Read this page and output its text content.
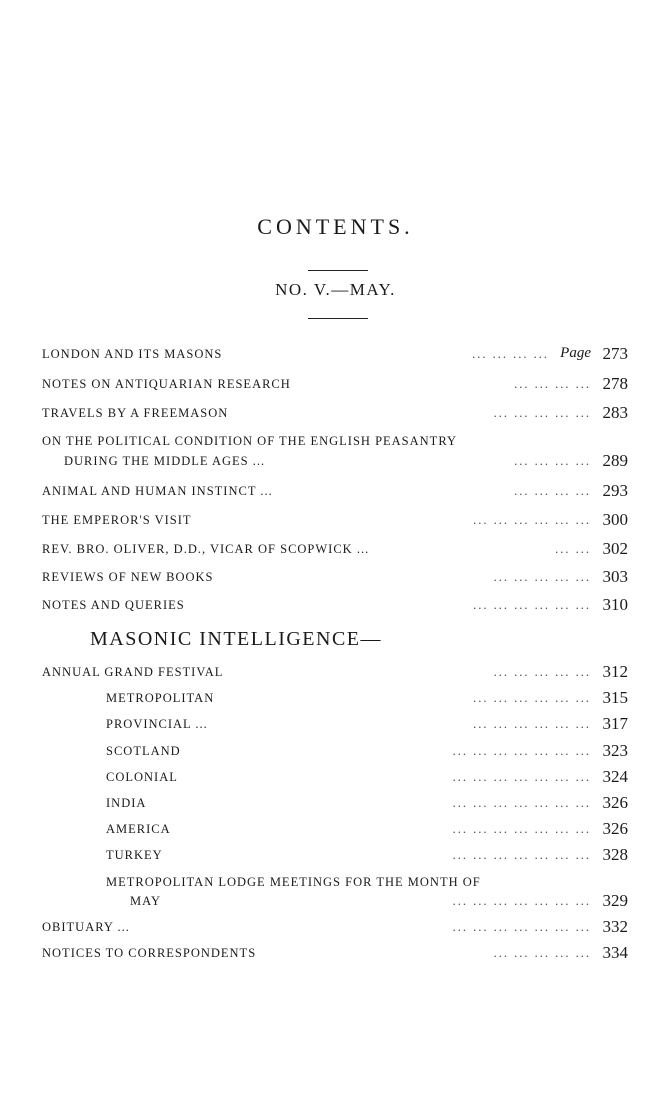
CONTENTS.
NO. V.—MAY.
LONDON AND ITS MASONS	... ... ... ... Page 273
NOTES ON ANTIQUARIAN RESEARCH	... ... ... ... 278
TRAVELS BY A FREEMASON	... ... ... ... ... 283
ON THE POLITICAL CONDITION OF THE ENGLISH PEASANTRY
DURING THE MIDDLE AGES ...	... ... ... ... 289
ANIMAL AND HUMAN INSTINCT ...	... ... ... ... 293
THE EMPEROR'S VISIT	... ... ... ... ... ... 300
REV. BRO. OLIVER, D.D., VICAR OF SCOPWICK ...	... ... 302
REVIEWS OF NEW BOOKS	... ... ... ... ... 303
NOTES AND QUERIES	... ... ... ... ... ... 310
MASONIC INTELLIGENCE—
ANNUAL GRAND FESTIVAL	... ... ... ... ... 312
METROPOLITAN	... ... ... ... ... ... 315
PROVINCIAL ...	... ... ... ... ... ... 317
SCOTLAND	... ... ... ... ... ... ... 323
COLONIAL	... ... ... ... ... ... ... 324
INDIA	... ... ... ... ... ... ... 326
AMERICA	... ... ... ... ... ... ... 326
TURKEY	... ... ... ... ... ... ... 328
METROPOLITAN LODGE MEETINGS FOR THE MONTH OF
MAY	... ... ... ... ... ... ... 329
OBITUARY ...	... ... ... ... ... ... ... 332
NOTICES TO CORRESPONDENTS	... ... ... ... ... 334
